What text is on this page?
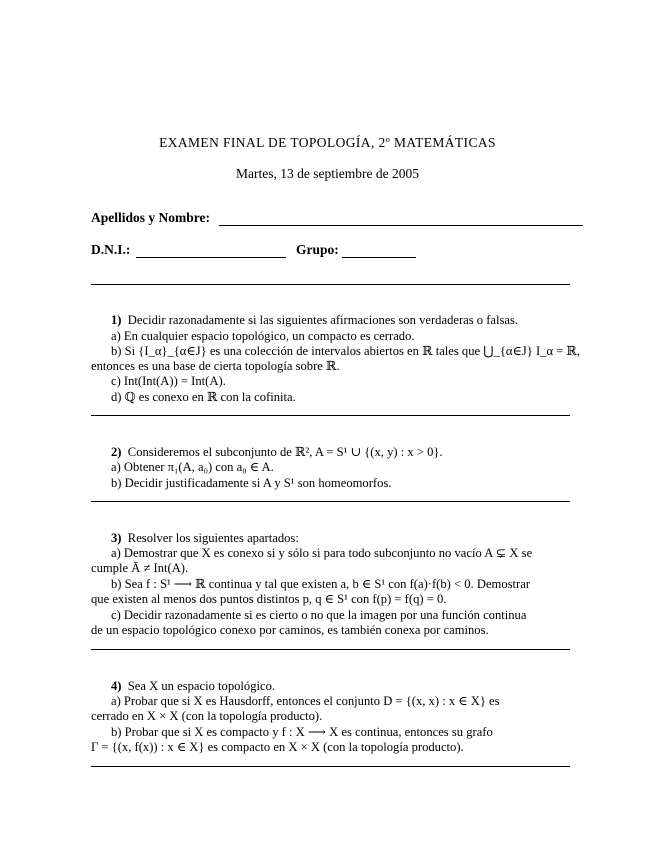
EXAMEN FINAL DE TOPOLOGÍA, 2º MATEMÁTICAS
Martes, 13 de septiembre de 2005
Apellidos y Nombre:
D.N.I.:	Grupo:
1) Decidir razonadamente si las siguientes afirmaciones son verdaderas o falsas.
a) En cualquier espacio topológico, un compacto es cerrado.
b) Si {I_α}_{α∈J} es una colección de intervalos abiertos en ℝ tales que ⋃_{α∈J} I_α = ℝ,
entonces es una base de cierta topología sobre ℝ.
c) Int(Int(A)) = Int(A).
d) ℚ es conexo en ℝ con la cofinita.
2) Consideremos el subconjunto de ℝ², A = S¹ ∪ {(x, y) : x > 0}.
a) Obtener π₁(A, a₀) con a₀ ∈ A.
b) Decidir justificadamente si A y S¹ son homeomorfos.
3) Resolver los siguientes apartados:
a) Demostrar que X es conexo si y sólo si para todo subconjunto no vacío A ⊊ X se
cumple Ā ≠ Int(A).
b) Sea f : S¹ ⟶ ℝ continua y tal que existen a, b ∈ S¹ con f(a)·f(b) < 0. Demostrar
que existen al menos dos puntos distintos p, q ∈ S¹ con f(p) = f(q) = 0.
c) Decidir razonadamente si es cierto o no que la imagen por una función continua
de un espacio topológico conexo por caminos, es también conexa por caminos.
4) Sea X un espacio topológico.
a) Probar que si X es Hausdorff, entonces el conjunto D = {(x, x) : x ∈ X} es
cerrado en X × X (con la topología producto).
b) Probar que si X es compacto y f : X ⟶ X es continua, entonces su grafo
Γ = {(x, f(x)) : x ∈ X} es compacto en X × X (con la topología producto).
